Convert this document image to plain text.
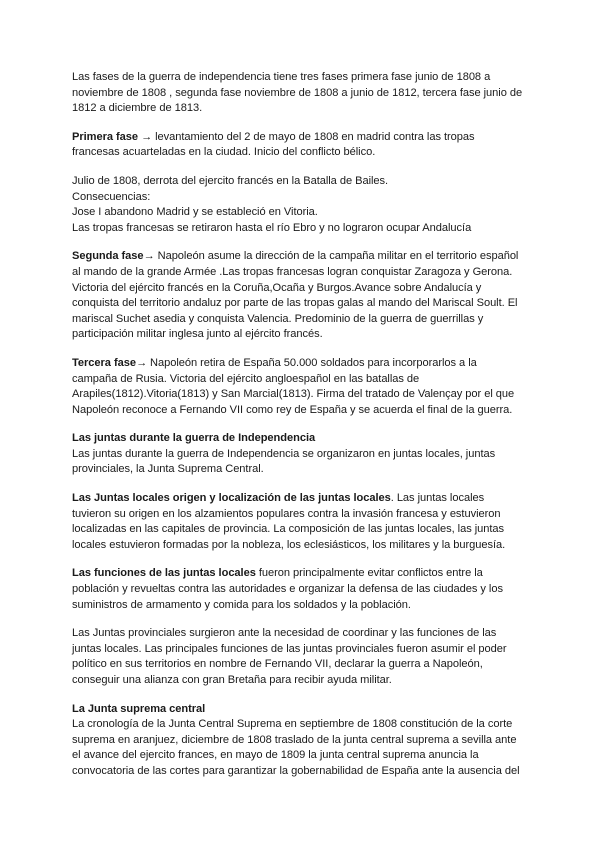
Las fases de la guerra de independencia tiene tres fases primera fase junio de 1808 a
noviembre de 1808 , segunda fase noviembre de 1808 a junio de 1812, tercera fase junio de
1812 a diciembre de 1813.

Primera fase → levantamiento del 2 de mayo de 1808 en madrid contra las tropas
francesas acuarteladas en la ciudad. Inicio del conflicto bélico.

Julio de 1808, derrota del ejercito francés en la Batalla de Bailes.
Consecuencias:
Jose I abandono Madrid y se estableció en Vitoria.
Las tropas francesas se retiraron hasta el río Ebro y no lograron ocupar Andalucía

Segunda fase→ Napoleón asume la dirección de la campaña militar en el territorio español
al mando de la grande Armée .Las tropas francesas logran conquistar Zaragoza y Gerona.
Victoria del ejército francés en la Coruña,Ocaña y Burgos.Avance sobre Andalucía y
conquista del territorio andaluz por parte de las tropas galas al mando del Mariscal Soult. El
mariscal Suchet asedia y conquista Valencia. Predominio de la guerra de guerrillas y
participación militar inglesa junto al ejército francés.

Tercera fase→ Napoleón retira de España 50.000 soldados para incorporarlos a la
campaña de Rusia. Victoria del ejército angloespañol en las batallas de
Arapiles(1812).Vitoria(1813) y San Marcial(1813). Firma del tratado de Valençay por el que
Napoleón reconoce a Fernando VII como rey de España y se acuerda el final de la guerra.

Las juntas durante la guerra de Independencia
Las juntas durante la guerra de Independencia se organizaron en juntas locales, juntas
provinciales, la Junta Suprema Central.

Las Juntas locales origen y localización de las juntas locales. Las juntas locales
tuvieron su origen en los alzamientos populares contra la invasión francesa y estuvieron
localizadas en las capitales de provincia. La composición de las juntas locales, las juntas
locales estuvieron formadas por la nobleza, los eclesiásticos, los militares y la burguesía.

Las funciones de las juntas locales fueron principalmente evitar conflictos entre la
población y revueltas contra las autoridades e organizar la defensa de las ciudades y los
suministros de armamento y comida para los soldados y la población.

Las Juntas provinciales surgieron ante la necesidad de coordinar y las funciones de las
juntas locales. Las principales funciones de las juntas provinciales fueron asumir el poder
político en sus territorios en nombre de Fernando VII, declarar la guerra a Napoleón,
conseguir una alianza con gran Bretaña para recibir ayuda militar.

La Junta suprema central
La cronología de la Junta Central Suprema en septiembre de 1808 constitución de la corte
suprema en aranjuez, diciembre de 1808 traslado de la junta central suprema a sevilla ante
el avance del ejercito frances, en mayo de 1809 la junta central suprema anuncia la
convocatoria de las cortes para garantizar la gobernabilidad de España ante la ausencia del
